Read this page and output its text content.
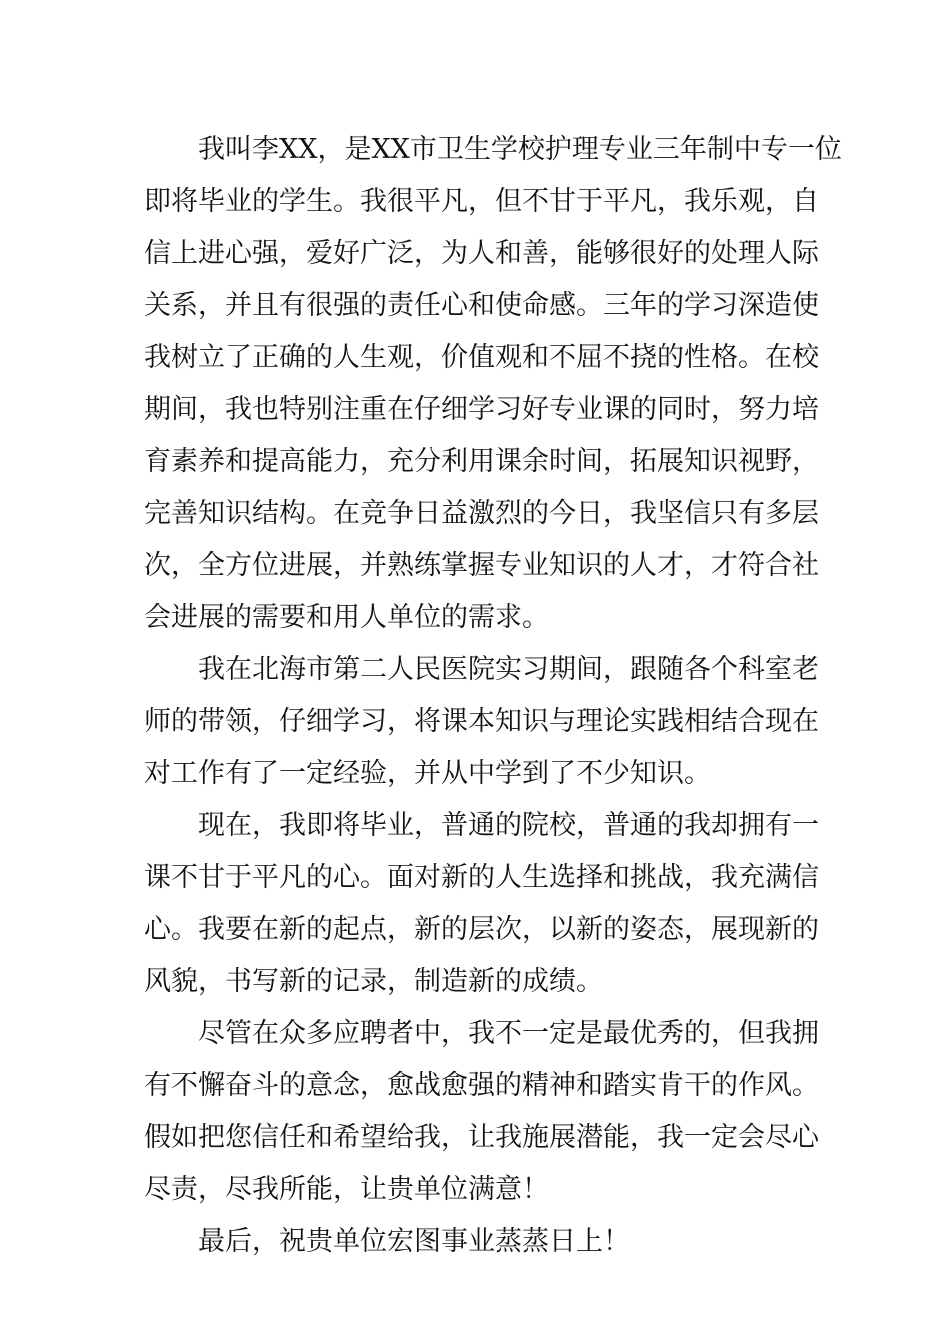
我叫李XX，是XX市卫生学校护理专业三年制中专一位
即将毕业的学生。我很平凡，但不甘于平凡，我乐观，自
信上进心强，爱好广泛，为人和善，能够很好的处理人际
关系，并且有很强的责任心和使命感。三年的学习深造使
我树立了正确的人生观，价值观和不屈不挠的性格。在校
期间，我也特别注重在仔细学习好专业课的同时，努力培
育素养和提高能力，充分利用课余时间，拓展知识视野，
完善知识结构。在竞争日益激烈的今日，我坚信只有多层
次，全方位进展，并熟练掌握专业知识的人才，才符合社
会进展的需要和用人单位的需求。
我在北海市第二人民医院实习期间，跟随各个科室老
师的带领，仔细学习，将课本知识与理论实践相结合现在
对工作有了一定经验，并从中学到了不少知识。
现在，我即将毕业，普通的院校，普通的我却拥有一
课不甘于平凡的心。面对新的人生选择和挑战，我充满信
心。我要在新的起点，新的层次，以新的姿态，展现新的
风貌，书写新的记录，制造新的成绩。
尽管在众多应聘者中，我不一定是最优秀的，但我拥
有不懈奋斗的意念，愈战愈强的精神和踏实肯干的作风。
假如把您信任和希望给我，让我施展潜能，我一定会尽心
尽责，尽我所能，让贵单位满意！
最后，祝贵单位宏图事业蒸蒸日上！
